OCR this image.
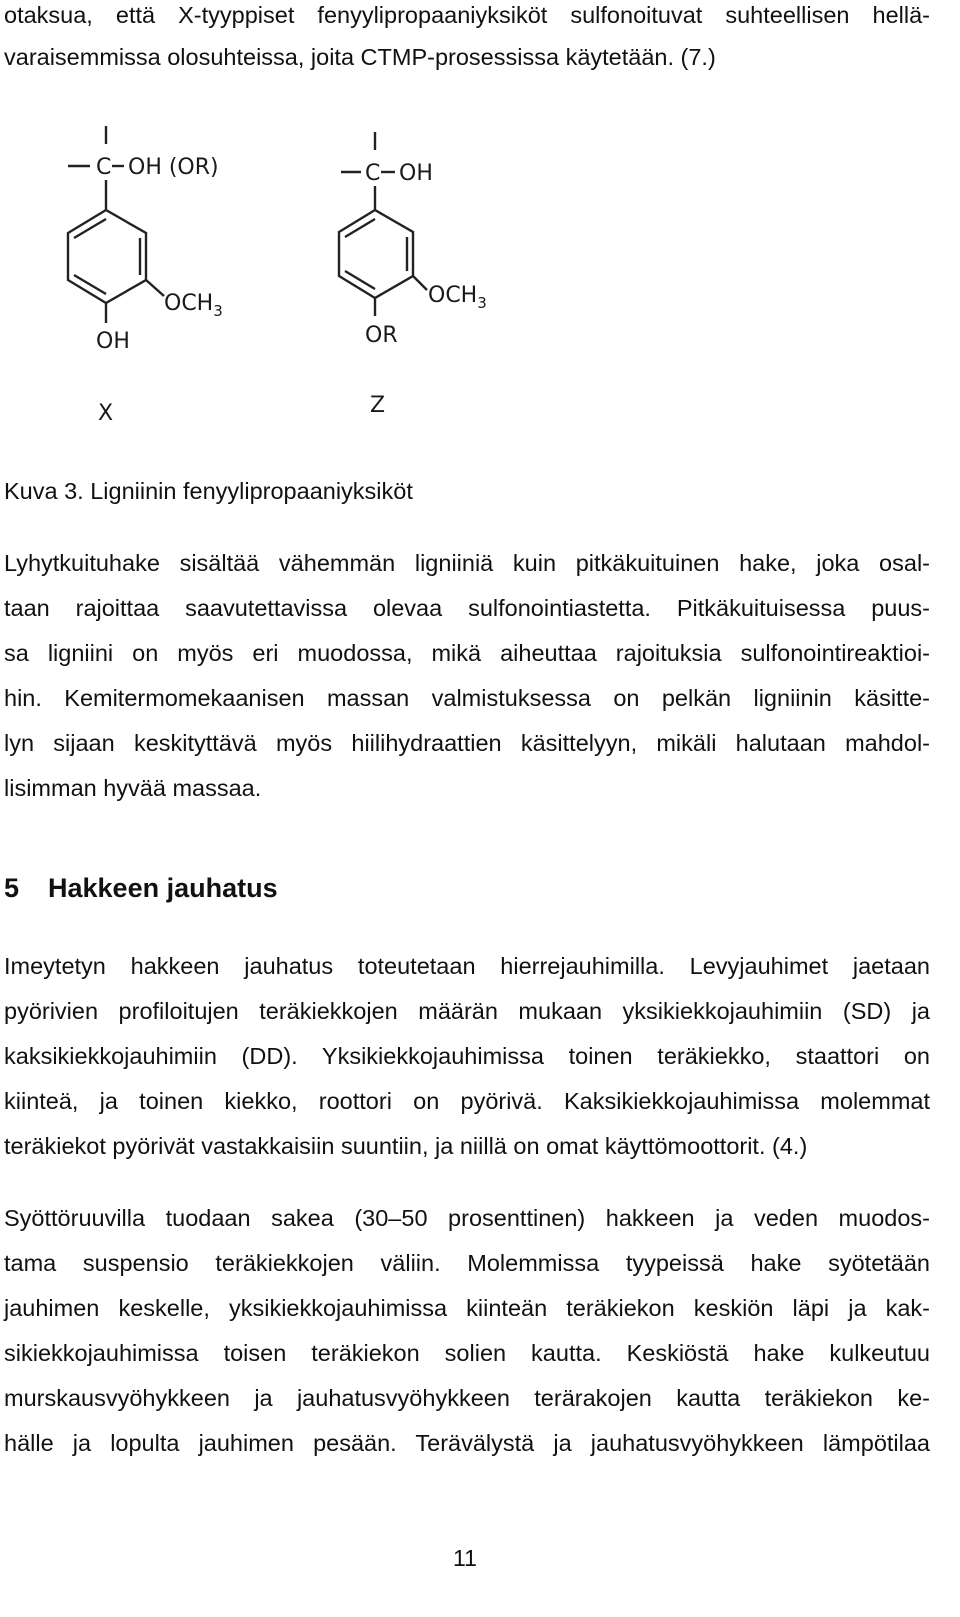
otaksua, että X-tyyppiset fenyylipropaaniyksiköt sulfonoituvat suhteellisen hellä-
varaisemmissa olosuhteissa, joita CTMP-prosessissa käytetään. (7.)
C OH (OR)
$OCH_3$
OH
X
C OH
$OCH_3$
OR
Z
Kuva 3. Ligniinin fenyylipropaaniyksiköt
Lyhytkuituhake sisältää vähemmän ligniiniä kuin pitkäkuituinen hake, joka osal-
taan rajoittaa saavutettavissa olevaa sulfonointiastetta. Pitkäkuituisessa puus-
sa ligniini on myös eri muodossa, mikä aiheuttaa rajoituksia sulfonointireaktioi-
hin. Kemitermomekaanisen massan valmistuksessa on pelkän ligniinin käsitte-
lyn sijaan keskityttävä myös hiilihydraattien käsittelyyn, mikäli halutaan mahdol-
lisimman hyvää massaa.
5 Hakkeen jauhatus
Imeytetyn hakkeen jauhatus toteutetaan hierrejauhimilla. Levyjauhimet jaetaan
pyörivien profiloitujen teräkiekkojen määrän mukaan yksikiekkojauhimiin (SD) ja
kaksikiekkojauhimiin (DD). Yksikiekkojauhimissa toinen teräkiekko, staattori on
kiinteä, ja toinen kiekko, roottori on pyörivä. Kaksikiekkojauhimissa molemmat
teräkiekot pyörivät vastakkaisiin suuntiin, ja niillä on omat käyttömoottorit. (4.)
Syöttöruuvilla tuodaan sakea (30–50 prosenttinen) hakkeen ja veden muodos-
tama suspensio teräkiekkojen väliin. Molemmissa tyypeissä hake syötetään
jauhimen keskelle, yksikiekkojauhimissa kiinteän teräkiekon keskiön läpi ja kak-
sikiekkojauhimissa toisen teräkiekon solien kautta. Keskiöstä hake kulkeutuu
murskausvyöhykkeen ja jauhatusvyöhykkeen terärakojen kautta teräkiekon ke-
hälle ja lopulta jauhimen pesään. Terävälystä ja jauhatusvyöhykkeen lämpötilaa
11
